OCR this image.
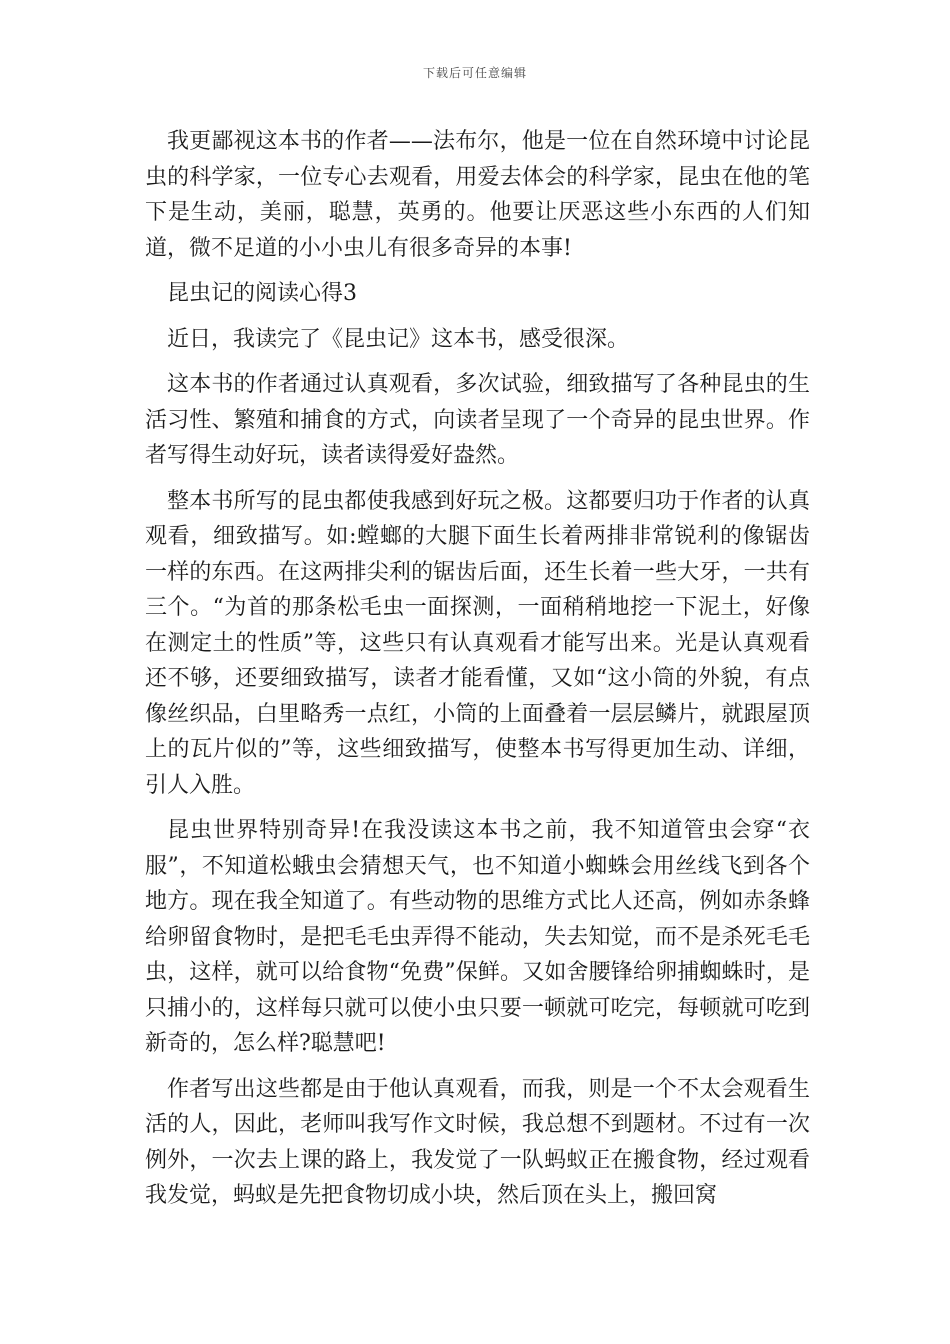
下载后可任意编辑

我更鄙视这本书的作者——法布尔，他是一位在自然环境中讨论昆虫的科学家，一位专心去观看，用爱去体会的科学家，昆虫在他的笔下是生动，美丽，聪慧，英勇的。他要让厌恶这些小东西的人们知道，微不足道的小小虫儿有很多奇异的本事!

昆虫记的阅读心得3

近日，我读完了《昆虫记》这本书，感受很深。

这本书的作者通过认真观看，多次试验，细致描写了各种昆虫的生活习性、繁殖和捕食的方式，向读者呈现了一个奇异的昆虫世界。作者写得生动好玩，读者读得爱好盎然。

整本书所写的昆虫都使我感到好玩之极。这都要归功于作者的认真观看，细致描写。如:螳螂的大腿下面生长着两排非常锐利的像锯齿一样的东西。在这两排尖利的锯齿后面，还生长着一些大牙，一共有三个。“为首的那条松毛虫一面探测，一面稍稍地挖一下泥土，好像在测定土的性质”等，这些只有认真观看才能写出来。光是认真观看还不够，还要细致描写，读者才能看懂，又如“这小筒的外貌，有点像丝织品，白里略秀一点红，小筒的上面叠着一层层鳞片，就跟屋顶上的瓦片似的”等，这些细致描写，使整本书写得更加生动、详细，引人入胜。

昆虫世界特别奇异!在我没读这本书之前，我不知道管虫会穿“衣服”，不知道松蛾虫会猜想天气，也不知道小蜘蛛会用丝线飞到各个地方。现在我全知道了。有些动物的思维方式比人还高，例如赤条蜂给卵留食物时，是把毛毛虫弄得不能动，失去知觉，而不是杀死毛毛虫，这样，就可以给食物“免费”保鲜。又如舍腰锋给卵捕蜘蛛时，是只捕小的，这样每只就可以使小虫只要一顿就可吃完，每顿就可吃到新奇的，怎么样?聪慧吧!

作者写出这些都是由于他认真观看，而我，则是一个不太会观看生活的人，因此，老师叫我写作文时候，我总想不到题材。不过有一次例外，一次去上课的路上，我发觉了一队蚂蚁正在搬食物，经过观看我发觉，蚂蚁是先把食物切成小块，然后顶在头上，搬回窝
